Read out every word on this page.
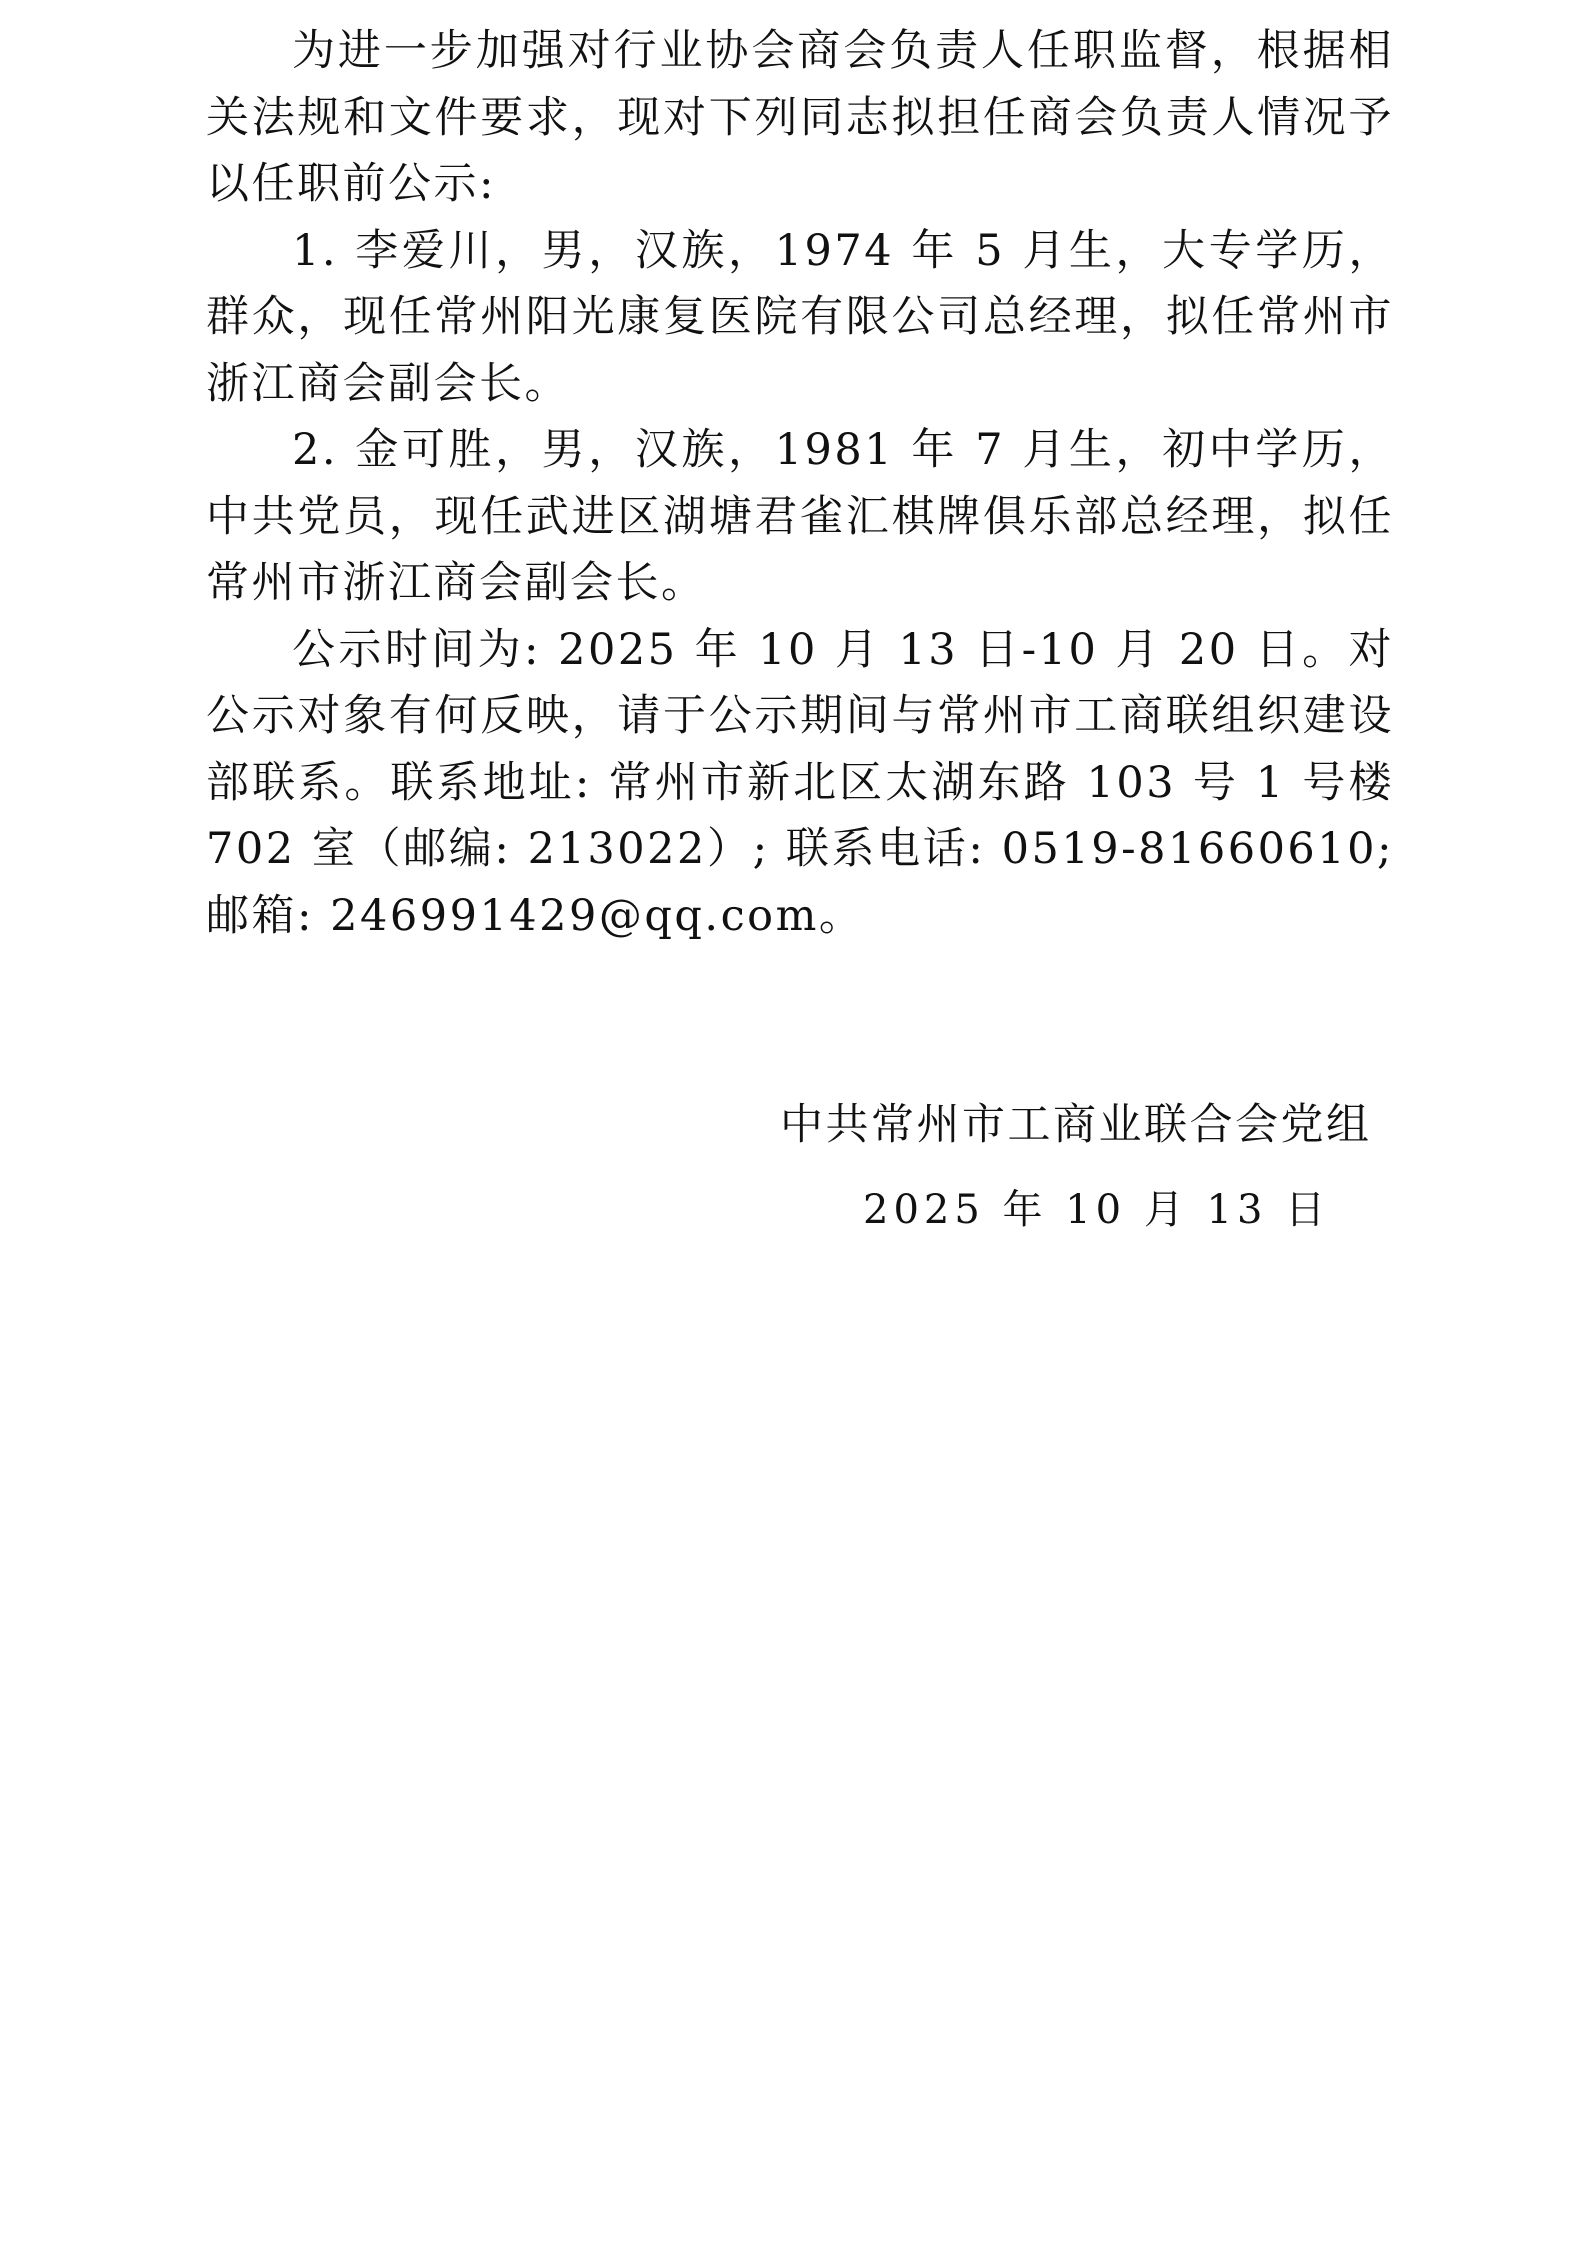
为进一步加强对行业协会商会负责人任职监督，根据相关法规和文件要求，现对下列同志拟担任商会负责人情况予以任职前公示:

1. 李爱川，男，汉族，1974 年 5 月生，大专学历，群众，现任常州阳光康复医院有限公司总经理，拟任常州市浙江商会副会长。

2. 金可胜，男，汉族，1981 年 7 月生，初中学历，中共党员，现任武进区湖塘君雀汇棋牌俱乐部总经理，拟任常州市浙江商会副会长。

公示时间为: 2025 年 10 月 13 日-10 月 20 日。对公示对象有何反映，请于公示期间与常州市工商联组织建设部联系。联系地址: 常州市新北区太湖东路 103 号 1 号楼 702 室（邮编: 213022）; 联系电话: 0519-81660610; 邮箱: 246991429@qq.com。

中共常州市工商业联合会党组

2025 年 10 月 13 日
